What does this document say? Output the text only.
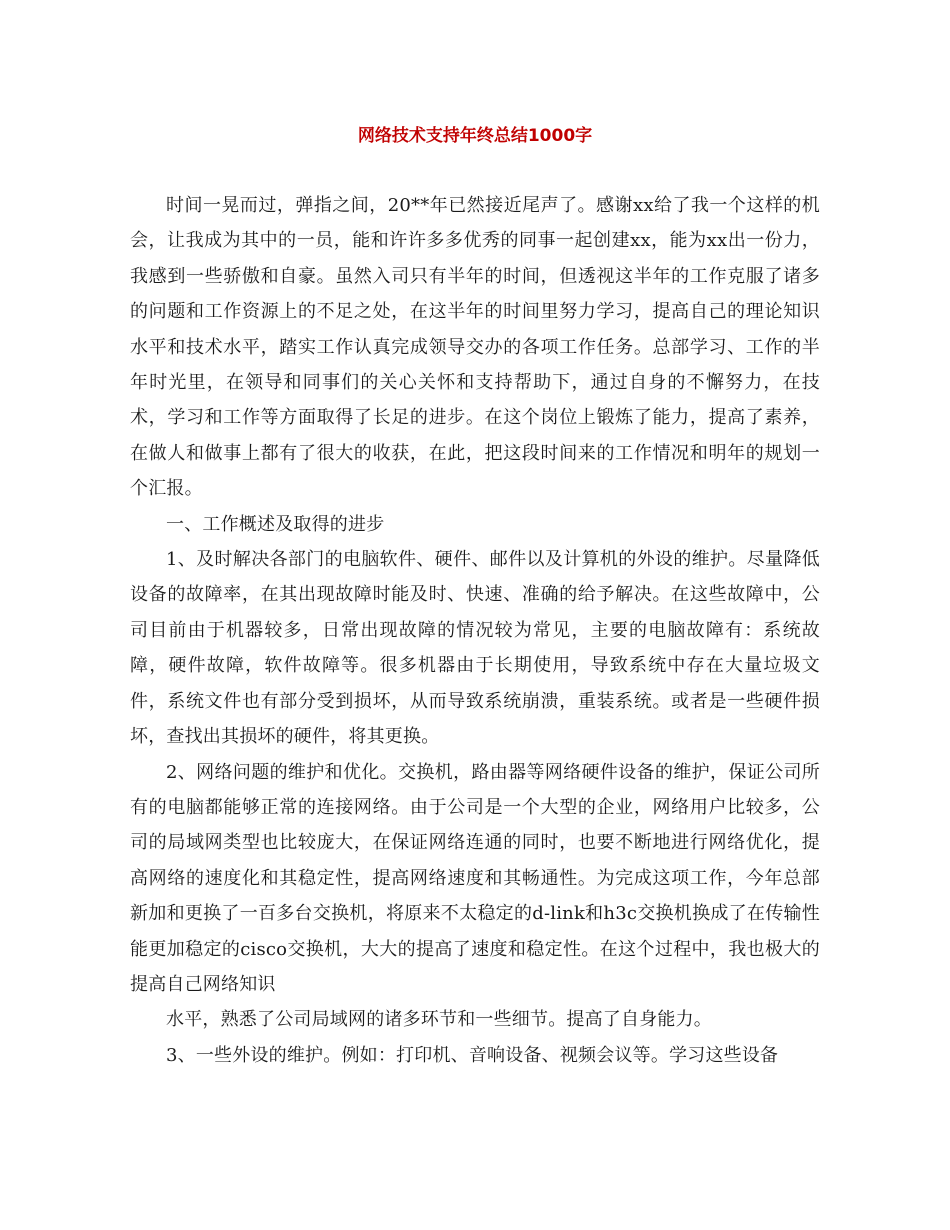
网络技术支持年终总结1000字

时间一晃而过，弹指之间，20**年已然接近尾声了。感谢xx给了我一个这样的机会，让我成为其中的一员，能和许许多多优秀的同事一起创建xx，能为xx出一份力，我感到一些骄傲和自豪。虽然入司只有半年的时间，但透视这半年的工作克服了诸多的问题和工作资源上的不足之处，在这半年的时间里努力学习，提高自己的理论知识水平和技术水平，踏实工作认真完成领导交办的各项工作任务。总部学习、工作的半年时光里，在领导和同事们的关心关怀和支持帮助下，通过自身的不懈努力，在技术，学习和工作等方面取得了长足的进步。在这个岗位上锻炼了能力，提高了素养，在做人和做事上都有了很大的收获，在此，把这段时间来的工作情况和明年的规划一个汇报。

一、工作概述及取得的进步

1、及时解决各部门的电脑软件、硬件、邮件以及计算机的外设的维护。尽量降低设备的故障率，在其出现故障时能及时、快速、准确的给予解决。在这些故障中，公司目前由于机器较多，日常出现故障的情况较为常见，主要的电脑故障有：系统故障，硬件故障，软件故障等。很多机器由于长期使用，导致系统中存在大量垃圾文件，系统文件也有部分受到损坏，从而导致系统崩溃，重装系统。或者是一些硬件损坏，查找出其损坏的硬件，将其更换。

2、网络问题的维护和优化。交换机，路由器等网络硬件设备的维护，保证公司所有的电脑都能够正常的连接网络。由于公司是一个大型的企业，网络用户比较多，公司的局域网类型也比较庞大，在保证网络连通的同时，也要不断地进行网络优化，提高网络的速度化和其稳定性，提高网络速度和其畅通性。为完成这项工作，今年总部新加和更换了一百多台交换机，将原来不太稳定的d-link和h3c交换机换成了在传输性能更加稳定的cisco交换机，大大的提高了速度和稳定性。在这个过程中，我也极大的提高自己网络知识

水平，熟悉了公司局域网的诸多环节和一些细节。提高了自身能力。

3、一些外设的维护。例如：打印机、音响设备、视频会议等。学习这些设备
